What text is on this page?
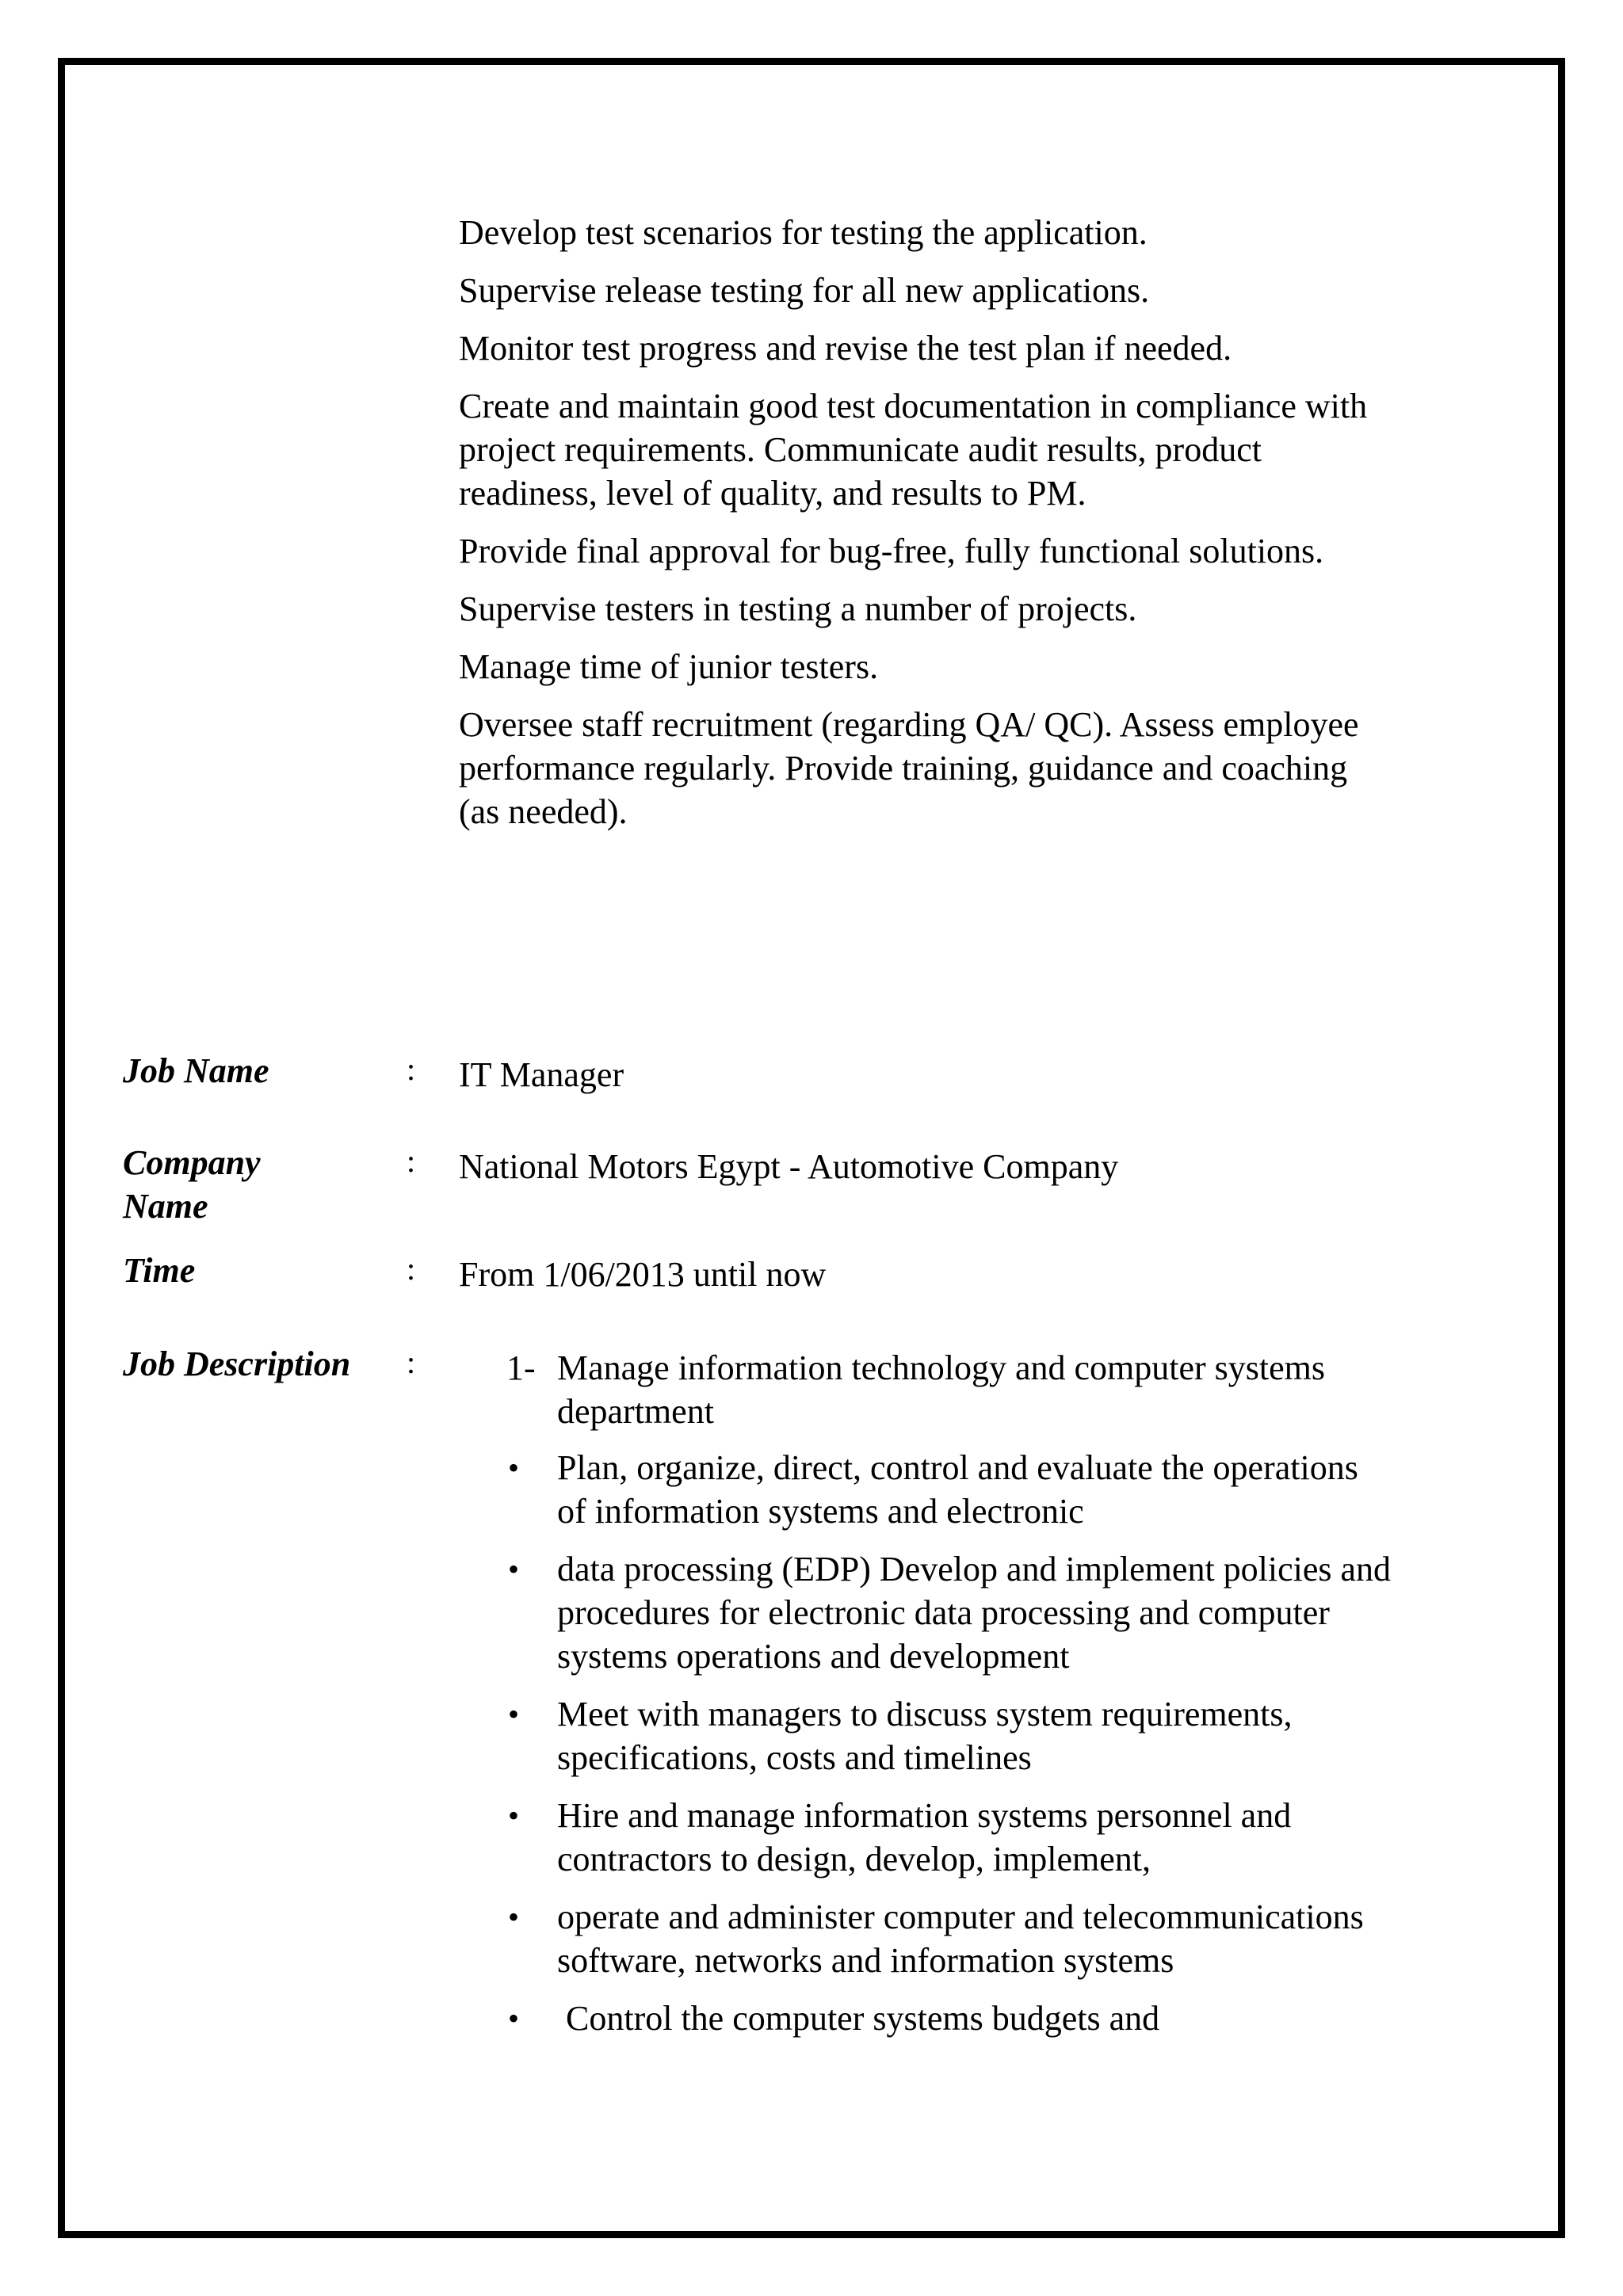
Develop test scenarios for testing the application.
Supervise release testing for all new applications.
Monitor test progress and revise the test plan if needed.
Create and maintain good test documentation in compliance with project requirements. Communicate audit results, product readiness, level of quality, and results to PM.
Provide final approval for bug-free, fully functional solutions.
Supervise testers in testing a number of projects.
Manage time of junior testers.
Oversee staff recruitment (regarding QA/ QC). Assess employee performance regularly. Provide training, guidance and coaching (as needed).
Job Name	: IT Manager
Company Name
: National Motors Egypt - Automotive Company
Time	: From 1/06/2013 until now
Job Description	:	1- Manage information technology and computer systems department
• Plan, organize, direct, control and evaluate the operations of information systems and electronic
• data processing (EDP) Develop and implement policies and procedures for electronic data processing and computer systems operations and development
• Meet with managers to discuss system requirements, specifications, costs and timelines
• Hire and manage information systems personnel and contractors to design, develop, implement,
• operate and administer computer and telecommunications software, networks and information systems
• Control the computer systems budgets and
